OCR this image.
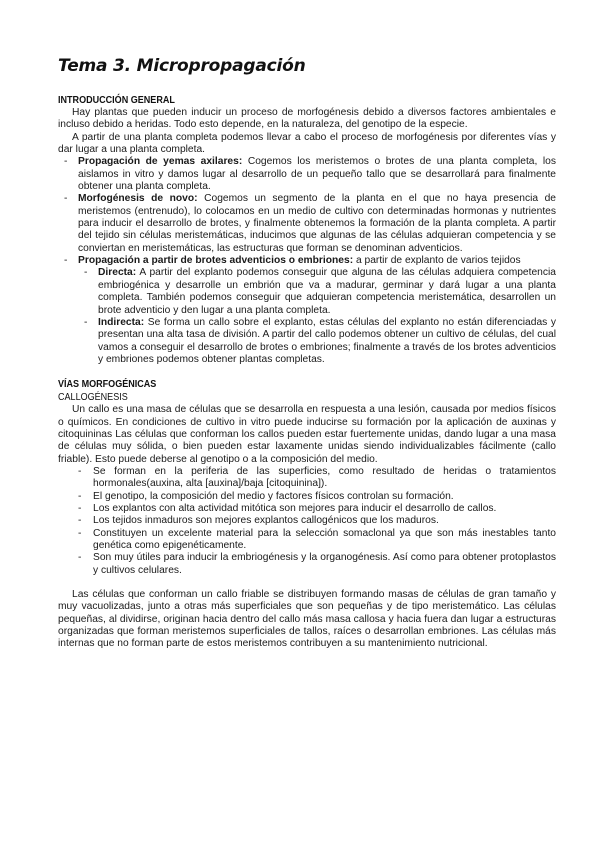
Tema 3. Micropropagación
INTRODUCCIÓN GENERAL

Hay plantas que pueden inducir un proceso de morfogénesis debido a diversos factores ambientales e incluso debido a heridas. Todo esto depende, en la naturaleza, del genotipo de la especie.

A partir de una planta completa podemos llevar a cabo el proceso de morfogénesis por diferentes vías y dar lugar a una planta completa.

- Propagación de yemas axilares: Cogemos los meristemos o brotes de una planta completa, los aislamos in vitro y damos lugar al desarrollo de un pequeño tallo que se desarrollará para finalmente obtener una planta completa.
- Morfogénesis de novo: Cogemos un segmento de la planta en el que no haya presencia de meristemos (entrenudo), lo colocamos en un medio de cultivo con determinadas hormonas y nutrientes para inducir el desarrollo de brotes, y finalmente obtenemos la formación de la planta completa. A partir del tejido sin células meristemáticas, inducimos que algunas de las células adquieran competencia y se conviertan en meristemáticas, las estructuras que forman se denominan adventicios.
- Propagación a partir de brotes adventicios o embriones: a partir de explanto de varios tejidos
- Directa: A partir del explanto podemos conseguir que alguna de las células adquiera competencia embriogénica y desarrolle un embrión que va a madurar, germinar y dará lugar a una planta completa. También podemos conseguir que adquieran competencia meristemática, desarrollen un brote adventicio y den lugar a una planta completa.
- Indirecta: Se forma un callo sobre el explanto, estas células del explanto no están diferenciadas y presentan una alta tasa de división. A partir del callo podemos obtener un cultivo de células, del cual vamos a conseguir el desarrollo de brotes o embriones; finalmente a través de los brotes adventicios y embriones podemos obtener plantas completas.
VÍAS MORFOGÉNICAS
CALLOGÉNESIS

Un callo es una masa de células que se desarrolla en respuesta a una lesión, causada por medios físicos o químicos. En condiciones de cultivo in vitro puede inducirse su formación por la aplicación de auxinas y citoquininas Las células que conforman los callos pueden estar fuertemente unidas, dando lugar a una masa de células muy sólida, o bien pueden estar laxamente unidas siendo individualizables fácilmente (callo friable). Esto puede deberse al genotipo o a la composición del medio.

- Se forman en la periferia de las superficies, como resultado de heridas o tratamientos hormonales(auxina, alta [auxina]/baja [citoquinina]).
- El genotipo, la composición del medio y factores físicos controlan su formación.
- Los explantos con alta actividad mitótica son mejores para inducir el desarrollo de callos.
- Los tejidos inmaduros son mejores explantos callogénicos que los maduros.
- Constituyen un excelente material para la selección somaclonal ya que son más inestables tanto genética como epigenéticamente.
- Son muy útiles para inducir la embriogénesis y la organogénesis. Así como para obtener protoplastos y cultivos celulares.

Las células que conforman un callo friable se distribuyen formando masas de células de gran tamaño y muy vacuolizadas, junto a otras más superficiales que son pequeñas y de tipo meristemático. Las células pequeñas, al dividirse, originan hacia dentro del callo más masa callosa y hacia fuera dan lugar a estructuras organizadas que forman meristemos superficiales de tallos, raíces o desarrollan embriones. Las células más internas que no forman parte de estos meristemos contribuyen a su mantenimiento nutricional.
